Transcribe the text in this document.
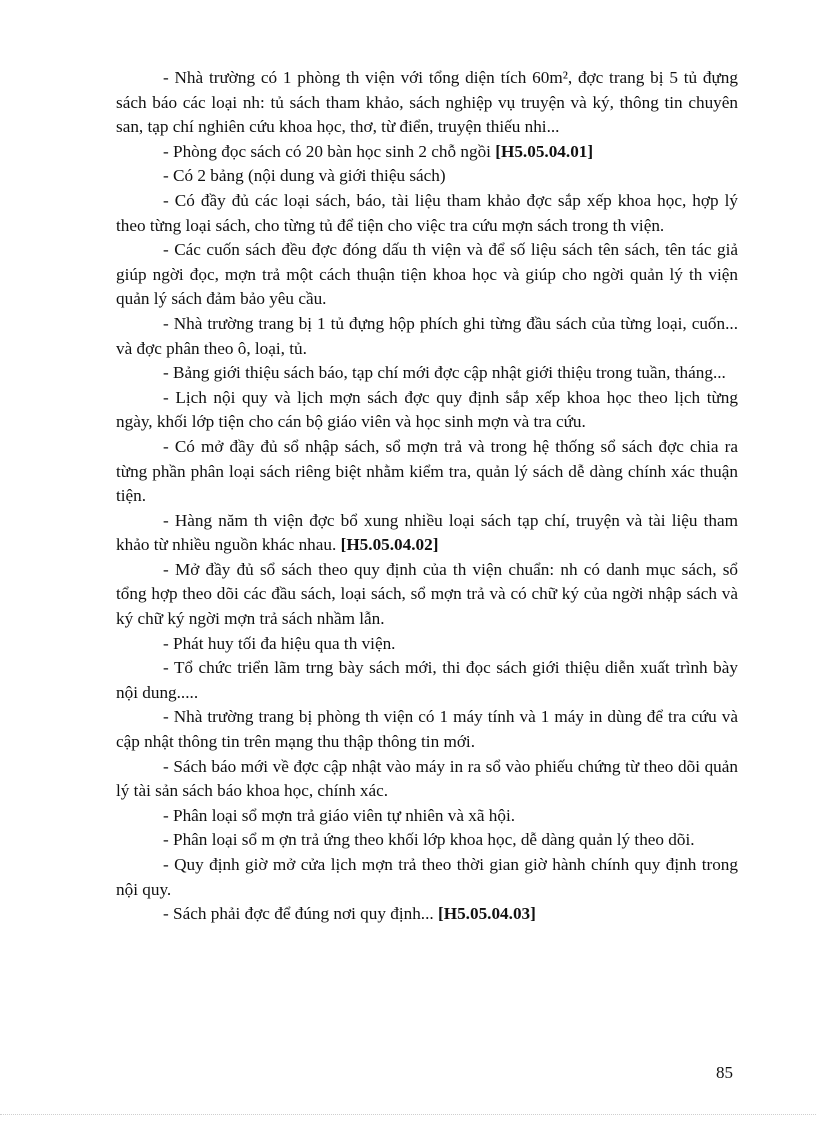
- Nhà trường có 1 phòng th viện với tổng diện tích 60m², đợc trang bị 5 tủ đựng sách báo các loại nh: tủ sách tham khảo, sách nghiệp vụ truyện và ký, thông tin chuyên san, tạp chí nghiên cứu khoa học, thơ, từ điển, truyện thiếu nhi...

- Phòng đọc sách có 20 bàn học sinh 2 chỗ ngồi [H5.05.04.01]

- Có 2 bảng (nội dung và giới thiệu sách)

- Có đầy đủ các loại sách, báo, tài liệu tham khảo đợc sắp xếp khoa học, hợp lý theo từng loại sách, cho từng tủ để tiện cho việc tra cứu mợn sách trong th viện.

- Các cuốn sách đều đợc đóng dấu th viện và để số liệu sách tên sách, tên tác giả giúp ngời đọc, mợn trả một cách thuận tiện khoa học và giúp cho ngời quản lý th viện quản lý sách đảm bảo yêu cầu.

- Nhà trường trang bị 1 tủ đựng hộp phích ghi từng đầu sách của từng loại, cuốn... và đợc phân theo ô, loại, tủ.

- Bảng giới thiệu sách báo, tạp chí mới đợc cập nhật giới thiệu trong tuần, tháng...

- Lịch nội quy và lịch mợn sách đợc quy định sắp xếp khoa học theo lịch từng ngày, khối lớp tiện cho cán bộ giáo viên và học sinh mợn và tra cứu.

- Có mở đầy đủ sổ nhập sách, sổ mợn trả và trong hệ thống sổ sách đợc chia ra từng phần phân loại sách riêng biệt nhằm kiểm tra, quản lý sách dễ dàng chính xác thuận tiện.

- Hàng năm th viện đợc bổ xung nhiều loại sách tạp chí, truyện và tài liệu tham khảo từ nhiều nguồn khác nhau. [H5.05.04.02]

- Mở đầy đủ sổ sách theo quy định của th viện chuẩn: nh có danh mục sách, sổ tổng hợp theo dõi các đầu sách, loại sách, sổ mợn trả và có chữ ký của ngời nhập sách và ký chữ ký ngời mợn trả sách nhầm lẫn.

- Phát huy tối đa hiệu qua th viện.

- Tổ chức triển lãm trng bày sách mới, thi đọc sách giới thiệu diễn xuất trình bày nội dung.....

- Nhà trường trang bị phòng th viện có 1 máy tính và 1 máy in dùng để tra cứu và cập nhật thông tin trên mạng thu thập thông tin mới.

- Sách báo mới về đợc cập nhật vào máy in ra sổ vào phiếu chứng từ theo dõi quản lý tài sản sách báo khoa học, chính xác.

- Phân loại sổ mợn trả giáo viên tự nhiên và xã hội.

- Phân loại sổ m ợn trả ứng theo khối lớp khoa học, dễ dàng quản lý theo dõi.

- Quy định giờ mở cửa lịch mợn trả theo thời gian giờ hành chính quy định trong nội quy.

- Sách phải đợc để đúng nơi quy định... [H5.05.04.03]

85
